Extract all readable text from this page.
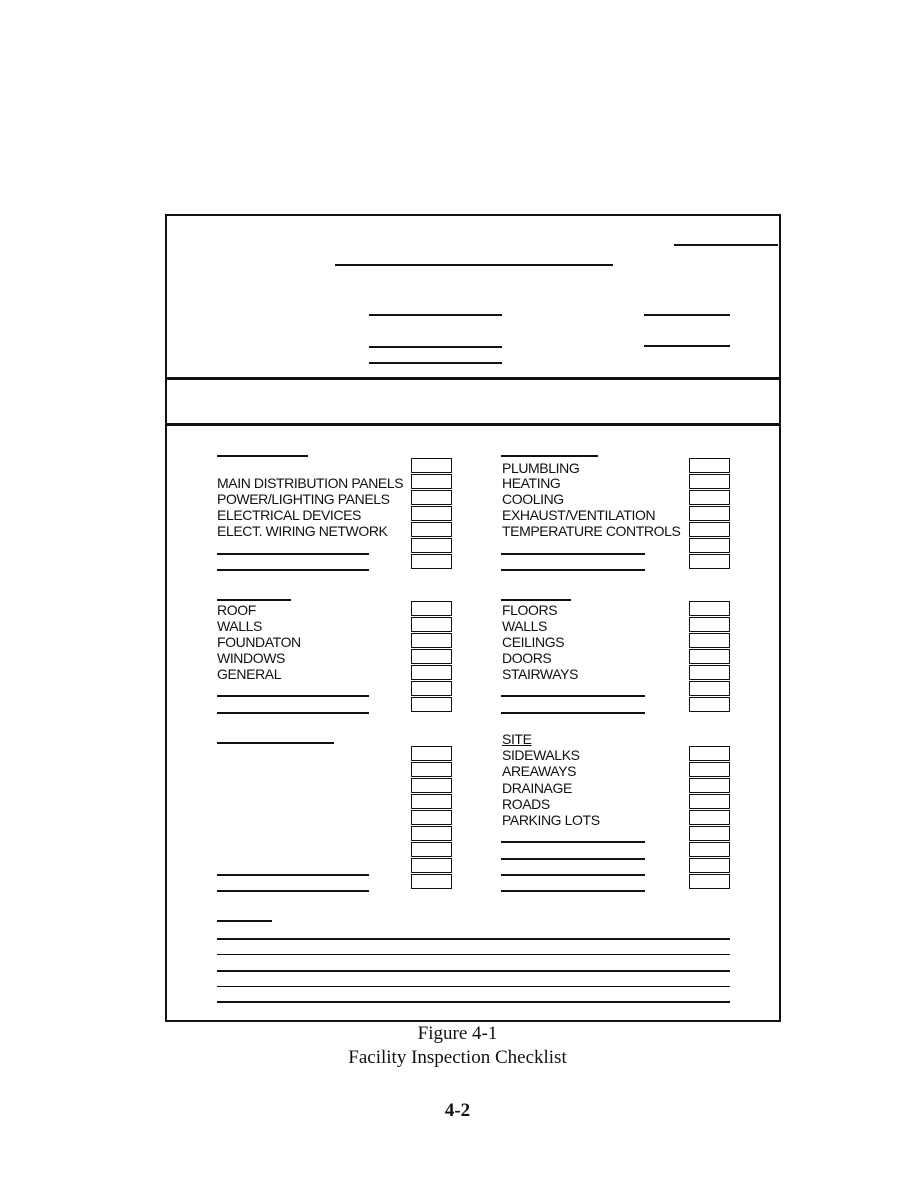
MAIN DISTRIBUTION PANELS
POWER/LIGHTING PANELS
ELECTRICAL DEVICES
ELECT. WIRING NETWORK
PLUMBLING
HEATING
COOLING
EXHAUST/VENTILATION
TEMPERATURE CONTROLS
ROOF
WALLS
FOUNDATON
WINDOWS
GENERAL
FLOORS
WALLS
CEILINGS
DOORS
STAIRWAYS
SITE
SIDEWALKS
AREAWAYS
DRAINAGE
ROADS
PARKING LOTS
Figure 4-1
Facility Inspection Checklist
4-2
